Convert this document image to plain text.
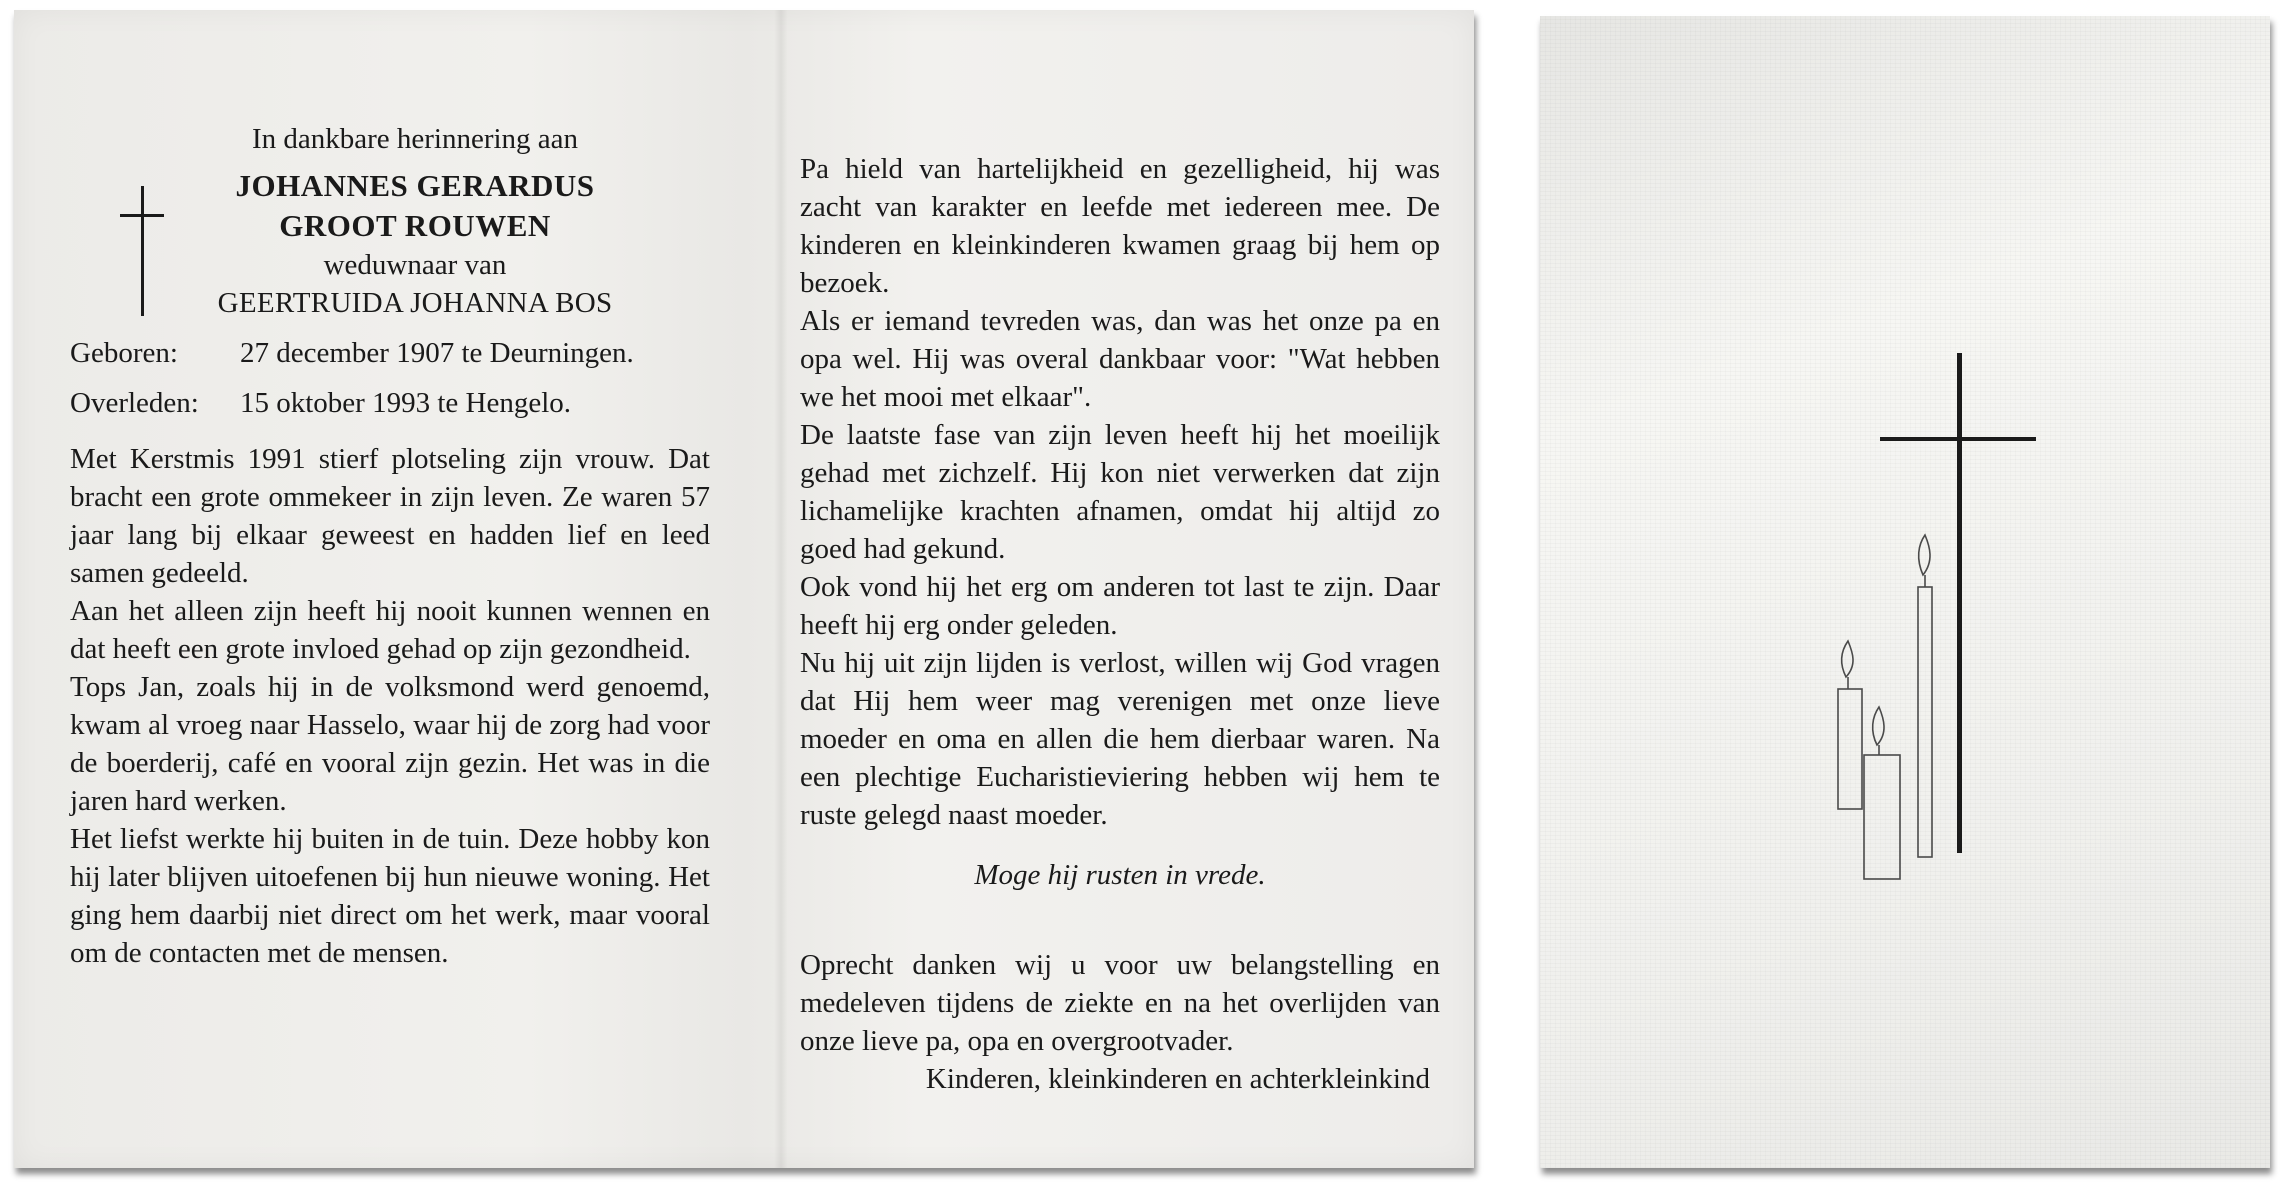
In dankbare herinnering aan
JOHANNES GERARDUS
GROOT ROUWEN
weduwnaar van
GEERTRUIDA JOHANNA BOS
Geboren:	27 december 1907 te Deurningen.
Overleden:	15 oktober 1993 te Hengelo.

Met Kerstmis 1991 stierf plotseling zijn vrouw. Dat bracht een grote ommekeer in zijn leven. Ze waren 57 jaar lang bij elkaar geweest en hadden lief en leed samen gedeeld.

Aan het alleen zijn heeft hij nooit kunnen wennen en dat heeft een grote invloed gehad op zijn gezondheid.

Tops Jan, zoals hij in de volksmond werd genoemd, kwam al vroeg naar Hasselo, waar hij de zorg had voor de boerderij, café en vooral zijn gezin. Het was in die jaren hard werken.

Het liefst werkte hij buiten in de tuin. Deze hobby kon hij later blijven uitoefenen bij hun nieuwe woning. Het ging hem daarbij niet direct om het werk, maar vooral om de contacten met de mensen.

Pa hield van hartelijkheid en gezelligheid, hij was zacht van karakter en leefde met iedereen mee. De kinderen en kleinkinderen kwamen graag bij hem op bezoek.

Als er iemand tevreden was, dan was het onze pa en opa wel. Hij was overal dankbaar voor: "Wat hebben we het mooi met elkaar".

De laatste fase van zijn leven heeft hij het moeilijk gehad met zichzelf. Hij kon niet verwerken dat zijn lichamelijke krachten afnamen, omdat hij altijd zo goed had gekund.

Ook vond hij het erg om anderen tot last te zijn. Daar heeft hij erg onder geleden.

Nu hij uit zijn lijden is verlost, willen wij God vragen dat Hij hem weer mag verenigen met onze lieve moeder en oma en allen die hem dierbaar waren. Na een plechtige Eucharistieviering hebben wij hem te ruste gelegd naast moeder.

Moge hij rusten in vrede.

Oprecht danken wij u voor uw belangstelling en medeleven tijdens de ziekte en na het overlijden van onze lieve pa, opa en overgrootvader.

Kinderen, kleinkinderen en achterkleinkind
